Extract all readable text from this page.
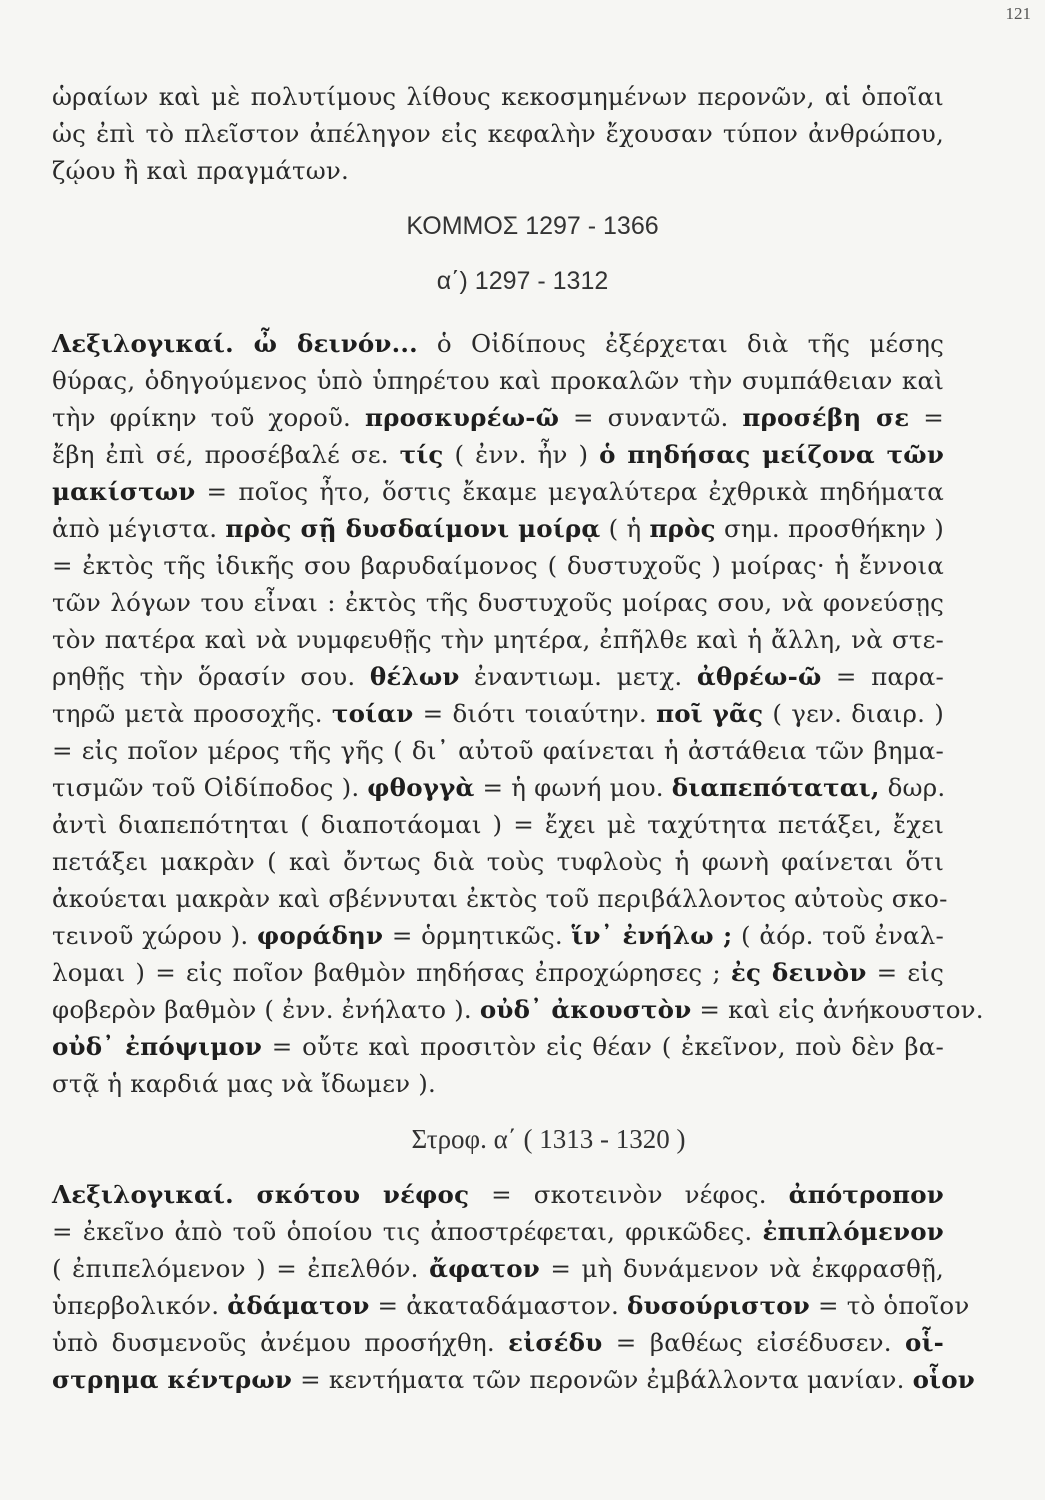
121
ὡραίων καὶ μὲ πολυτίμους λίθους κεκοσμημένων περονῶν, αἱ ὁποῖαι
ὡς ἐπὶ τὸ πλεῖστον ἀπέληγον εἰς κεφαλὴν ἔχουσαν τύπον ἀνθρώπου,
ζῴου ἢ καὶ πραγμάτων.
ΚΟΜΜΟΣ 1297 - 1366
α΄) 1297 - 1312
Λεξιλογικαί. ὦ δεινόν... ὁ Οἰδίπους ἐξέρχεται διὰ τῆς μέσης
θύρας, ὁδηγούμενος ὑπὸ ὑπηρέτου καὶ προκαλῶν τὴν συμπάθειαν καὶ
τὴν φρίκην τοῦ χοροῦ. προσκυρέω-ῶ = συναντῶ. προσέβη σε =
ἔβη ἐπὶ σέ, προσέβαλέ σε. τίς ( ἐνν. ἦν ) ὁ πηδήσας μείζονα τῶν
μακίστων = ποῖος ἦτο, ὅστις ἔκαμε μεγαλύτερα ἐχθρικὰ πηδήματα
ἀπὸ μέγιστα. πρὸς σῇ δυσδαίμονι μοίρᾳ ( ἡ πρὸς σημ. προσθήκην )
= ἐκτὸς τῆς ἰδικῆς σου βαρυδαίμονος ( δυστυχοῦς ) μοίρας· ἡ ἔννοια
τῶν λόγων του εἶναι : ἐκτὸς τῆς δυστυχοῦς μοίρας σου, νὰ φονεύσῃς
τὸν πατέρα καὶ νὰ νυμφευθῇς τὴν μητέρα, ἐπῆλθε καὶ ἡ ἄλλη, νὰ στε-
ρηθῇς τὴν ὅρασίν σου. θέλων ἐναντιωμ. μετχ. ἀθρέω-ῶ = παρα-
τηρῶ μετὰ προσοχῆς. τοίαν = διότι τοιαύτην. ποῖ γᾶς ( γεν. διαιρ. )
= εἰς ποῖον μέρος τῆς γῆς ( δι᾽ αὐτοῦ φαίνεται ἡ ἀστάθεια τῶν βημα-
τισμῶν τοῦ Οἰδίποδος ). φθογγὰ = ἡ φωνή μου. διαπεπόταται, δωρ.
ἀντὶ διαπεπότηται ( διαποτάομαι ) = ἔχει μὲ ταχύτητα πετάξει, ἔχει
πετάξει μακρὰν ( καὶ ὄντως διὰ τοὺς τυφλοὺς ἡ φωνὴ φαίνεται ὅτι
ἀκούεται μακρὰν καὶ σβέννυται ἐκτὸς τοῦ περιβάλλοντος αὐτοὺς σκο-
τεινοῦ χώρου ). φοράδην = ὁρμητικῶς. ἵν᾽ ἐνήλω ; ( ἀόρ. τοῦ ἐναλ-
λομαι ) = εἰς ποῖον βαθμὸν πηδήσας ἐπροχώρησες ; ἐς δεινὸν = εἰς
φοβερὸν βαθμὸν ( ἐνν. ἐνήλατο ). οὐδ᾽ ἀκουστὸν = καὶ εἰς ἀνήκουστον.
οὐδ᾽ ἐπόψιμον = οὔτε καὶ προσιτὸν εἰς θέαν ( ἐκεῖνον, ποὺ δὲν βα-
στᾷ ἡ καρδιά μας νὰ ἴδωμεν ).
Στροφ. α΄ ( 1313 - 1320 )
Λεξιλογικαί. σκότου νέφος = σκοτεινὸν νέφος. ἀπότροπον
= ἐκεῖνο ἀπὸ τοῦ ὁποίου τις ἀποστρέφεται, φρικῶδες. ἐπιπλόμενον
( ἐπιπελόμενον ) = ἐπελθόν. ἄφατον = μὴ δυνάμενον νὰ ἐκφρασθῇ,
ὑπερβολικόν. ἀδάματον = ἀκαταδάμαστον. δυσούριστον = τὸ ὁποῖον
ὑπὸ δυσμενοῦς ἀνέμου προσήχθη. εἰσέδυ = βαθέως εἰσέδυσεν. οἷ-
στρημα κέντρων = κεντήματα τῶν περονῶν ἐμβάλλοντα μανίαν. οἷον
